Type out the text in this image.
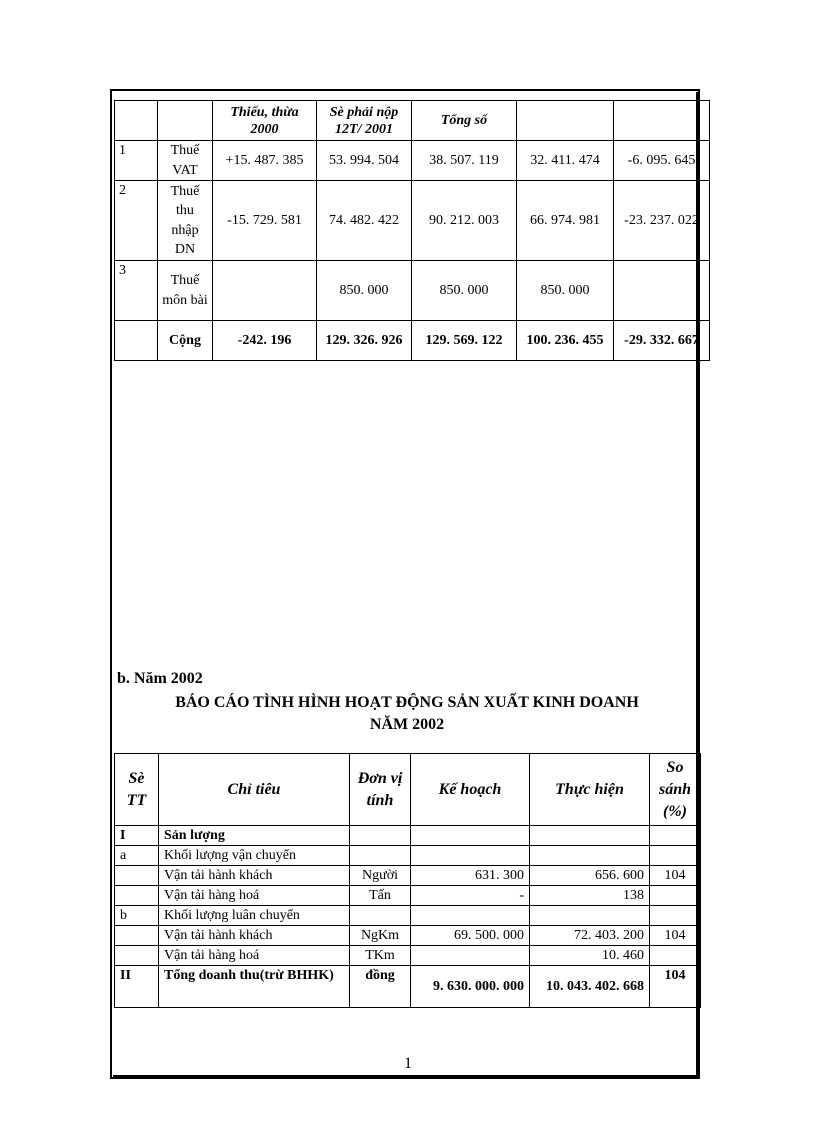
		Thiếu, thừa 2000	Sè phải nộp 12T/ 2001	Tổng số		
1	Thuế VAT	+15. 487. 385	53. 994. 504	38. 507. 119	32. 411. 474	-6. 095. 645
2	Thuế thu nhập DN	-15. 729. 581	74. 482. 422	90. 212. 003	66. 974. 981	-23. 237. 022
3	Thuế môn bài		850. 000	850. 000	850. 000	
	Cộng	-242. 196	129. 326. 926	129. 569. 122	100. 236. 455	-29. 332. 667
b. Năm 2002
BÁO CÁO TÌNH HÌNH HOẠT ĐỘNG SẢN XUẤT KINH DOANH
NĂM 2002
Sè TT	Chỉ tiêu	Đơn vị tính	Kế hoạch	Thực hiện	So sánh (%)
I	Sản lượng				
a	Khối lượng vận chuyển				
	Vận tải hành khách	Người	631. 300	656. 600	104
	Vận tải hàng hoá	Tấn	-	138	
b	Khối lượng luân chuyển				
	Vận tải hành khách	NgKm	69. 500. 000	72. 403. 200	104
	Vận tải hàng hoá	TKm		10. 460	
II	Tổng doanh thu(trừ BHHK)	đồng	9. 630. 000. 000	10. 043. 402. 668	104
1
